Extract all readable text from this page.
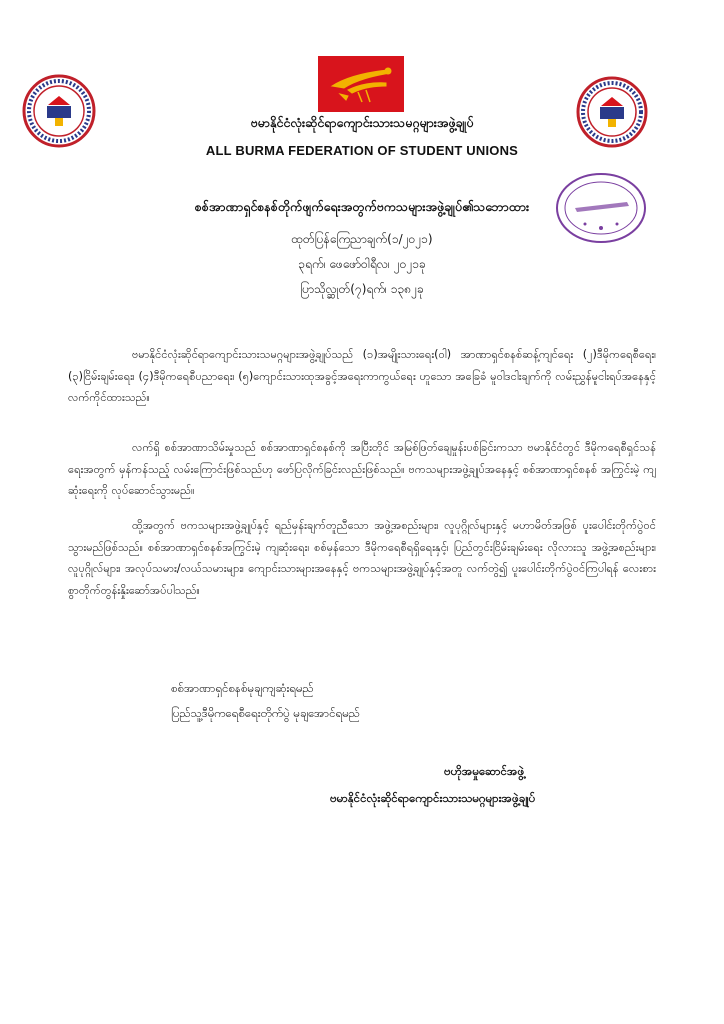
ဗမာနိုင်ငံလုံးဆိုင်ရာကျောင်းသားသမဂ္ဂများအဖွဲ့ချုပ်
ALL BURMA FEDERATION OF STUDENT UNIONS
စစ်အာဏာရှင်စနစ်တိုက်ဖျက်ရေးအတွက်ဗကသများအဖွဲ့ချုပ်၏သဘောထား
ထုတ်ပြန်ကြေညာချက်(၁/၂၀၂၁)
၃ရက်၊ ဖေဖော်ဝါရီလ၊ ၂၀၂၁ခု
ပြာသိုလ္ဆုတ်(၇)ရက်၊ ၁၃၈၂ခု
ဗမာနိုင်ငံလုံးဆိုင်ရာကျောင်းသားသမဂ္ဂများအဖွဲ့ချုပ်သည် (၁)အမျိုးသားရေး(ဝါ) အာဏာရှင်စနစ်ဆန့်ကျင်ရေး (၂)ဒီမိုကရေစီရေး၊ (၃)ငြိမ်းချမ်းရေး၊ (၄)ဒီမိုကရေစီပညာရေး၊ (၅)ကျောင်းသားထုအခွင့်အရေးကာကွယ်ရေး ဟူသော အခြေခံ မူဝါဒငါးချက်ကို လမ်းညွှန်မူငါးရပ်အနေနှင့် လက်ကိုင်ထားသည်။
လက်ရှိ စစ်အာဏာသိမ်းမှုသည် စစ်အာဏာရှင်စနစ်ကို အပြီးတိုင် အမြစ်ဖြတ်ချေမှုန်းပစ်ခြင်းကသာ ဗမာနိုင်ငံတွင် ဒီမိုကရေစီရှင်သန်ရေးအတွက် မှန်ကန်သည့် လမ်းကြောင်းဖြစ်သည်ဟု ဖော်ပြလိုက်ခြင်းလည်းဖြစ်သည်။ ဗကသများအဖွဲ့ချုပ်အနေနှင့် စစ်အာဏာရှင်စနစ် အကြွင်းမဲ့ ကျဆုံးရေးကို လုပ်ဆောင်သွားမည်။
ထို့အတွက် ဗကသများအဖွဲ့ချုပ်နှင့် ရည်မှန်းချက်တူညီသော အဖွဲ့အစည်းများ၊ လူပုဂ္ဂိုလ်များနှင့် မဟာမိတ်အဖြစ် ပူးပေါင်းတိုက်ပွဲဝင်သွားမည်ဖြစ်သည်။ စစ်အာဏာရှင်စနစ်အကြွင်းမဲ့ ကျဆုံးရေး၊ စစ်မှန်သော ဒီမိုကရေစီရရှိရေးနှင့်၊ ပြည်တွင်းငြိမ်းချမ်းရေး လိုလားသူ အဖွဲ့အစည်းများ၊ လူပုဂ္ဂိုလ်များ၊ အလုပ်သမား/လယ်သမားများ၊ ကျောင်းသားများအနေနှင့် ဗကသများအဖွဲ့ချုပ်နှင့်အတူ လက်တွဲ၍ ပူးပေါင်းတိုက်ပွဲဝင်ကြပါရန် လေးစားစွာတိုက်တွန်းနှိုးဆော်အပ်ပါသည်။
စစ်အာဏာရှင်စနစ်မုချကျဆုံးရမည်
ပြည်သူ့ဒီမိုကရေစီရေးတိုက်ပွဲ မုချအောင်ရမည်
ဗဟိုအမှုဆောင်အဖွဲ့
ဗမာနိုင်ငံလုံးဆိုင်ရာကျောင်းသားသမဂ္ဂများအဖွဲ့ချုပ်
